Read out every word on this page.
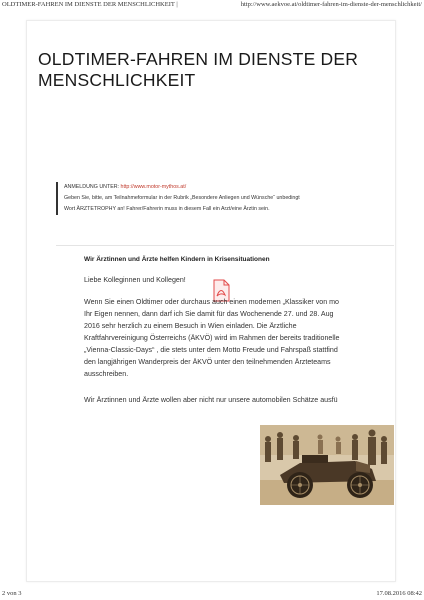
OLDTIMER-FAHREN IM DIENSTE DER MENSCHLICHKEIT |	http://www.aekvoe.at/oldtimer-fahren-im-dienste-der-menschlichkeit/
OLDTIMER-FAHREN IM DIENSTE DER MENSCHLICHKEIT
ANMELDUNG UNTER: http://www.motor-mythos.at/
Geben Sie, bitte, am Teilnahmeformular in der Rubrik „Besondere Anliegen und Wünsche“ unbedingt
Wort ÄRZTETROPHY an! Fahrer/Fahrerin muss in diesem Fall ein Arzt/eine Ärztin sein.
Wir Ärztinnen und Ärzte helfen Kindern in Krisensituationen
Liebe Kolleginnen und Kollegen!
Wenn Sie einen Oldtimer oder durchaus auch einen modernen „Klassiker von mo
Ihr Eigen nennen, dann darf ich Sie damit für das Wochenende 27. und 28. Aug
2016 sehr herzlich zu einem Besuch in Wien einladen. Die Ärztliche
Kraftfahrvereinigung Österreichs (ÄKVÖ) wird im Rahmen der bereits traditionelle
„Vienna-Classic-Days“ , die stets unter dem Motto Freude und Fahrspaß stattfind
den langjährigen Wanderpreis der ÄKVÖ unter den teilnehmenden Ärzteteams
ausschreiben.
Wir Ärztinnen und Ärzte wollen aber nicht nur unsere automobilen Schätze ausfü
2 von 3	17.08.2016 08:42
